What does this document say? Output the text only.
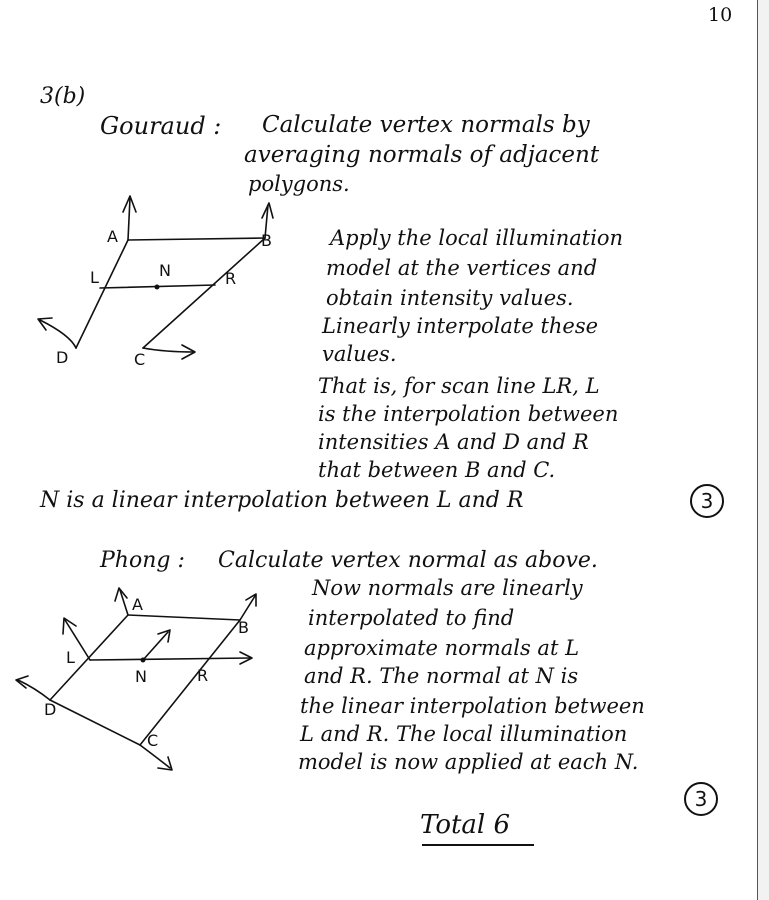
10
3(b)
Gouraud : Calculate vertex normals by
averaging normals of adjacent
polygons.
A	B
L	N	R
D	C
Apply the local illumination
model at the vertices and
obtain intensity values.
Linearly interpolate these
values.
That is, for scan line LR, L
is the interpolation between
intensities A and D and R
that between B and C.
N is a linear interpolation between L and R	3
Phong : Calculate vertex normal as above.
A
B
L
N	R
D
C
Now normals are linearly
interpolated to find
approximate normals at L
and R. The normal at N is
the linear interpolation between
L and R. The local illumination
model is now applied at each N.
3
Total 6
